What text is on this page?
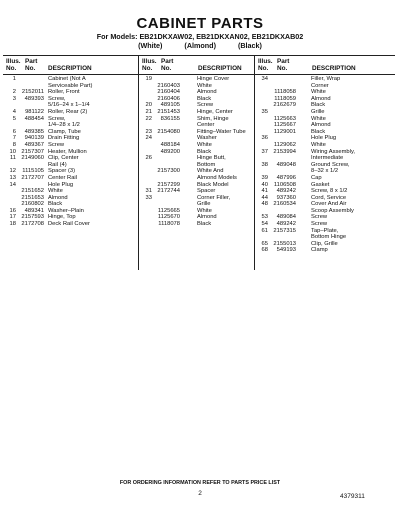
CABINET PARTS
For Models: EB21DKXAW02, EB21DKXAN02, EB21DKXAB02
(White)	(Almond)	(Black)
Illus. No.
Part No.	DESCRIPTION
1	Cabinet (Not A
Serviceable Part)
2	2152011 Roller, Front
3	489393 Screw,
5/16–24 x 1–1/4
4	981122 Roller, Rear (2)
5	488454 Screw,
1/4–28 x 1/2
6	489385 Clamp, Tube
7	940139 Drain Fitting
8	489367 Screw
10 2157307 Heater, Mullion
11 2149060 Clip, Center
Rail (4)
12	1115105 Spacer (3)
13 2172707 Center Rail
14	Hole Plug
2151652 White
2151653 Almond
2160802 Black
16	489341 Washer–Plain
17 2157593 Hinge, Top
18 2172708 Deck Rail Cover
Illus. No.
Part No.	DESCRIPTION
19	Hinge Cover
2160403	White
2160404	Almond
2160406	Black
20	489105	Screw
21 2151453	Hinge, Center
22	836155	Shim, Hinge
Center
23 2154080	Fitting–Water Tube
24	Washer
488184	White
489200	Black
26	Hinge Butt,
Bottom
2157300	White And
Almond Models
2157299	Black Model
31 2172744	Spacer
33	Corner Filler,
Grille
1125665	White
1125670	Almond
1118078	Black
Illus. No.
Part No.	DESCRIPTION
34	Filler, Wrap
Corner
1118058	White
1118059	Almond
2162679	Black
35	Grille
1125663	White
1125667	Almond
1129001	Black
36	Hole Plug
1129062	White
37 2153994	Wiring Assembly,
Intermediate
38	489048	Ground Screw,
8–32 x 1/2
39	487996	Cap
40	1106508	Gasket
41	489242	Screw, 8 x 1/2
44	937360	Cord, Service
48 2160534	Cover And Air
Scoop Assembly
53	489084	Screw
54	489242	Screw
61 2157315	Tap–Plate,
Bottom Hinge
65 2155013	Clip, Grille
68	549193	Clamp
FOR ORDERING INFORMATION REFER TO PARTS PRICE LIST
2	4379311
